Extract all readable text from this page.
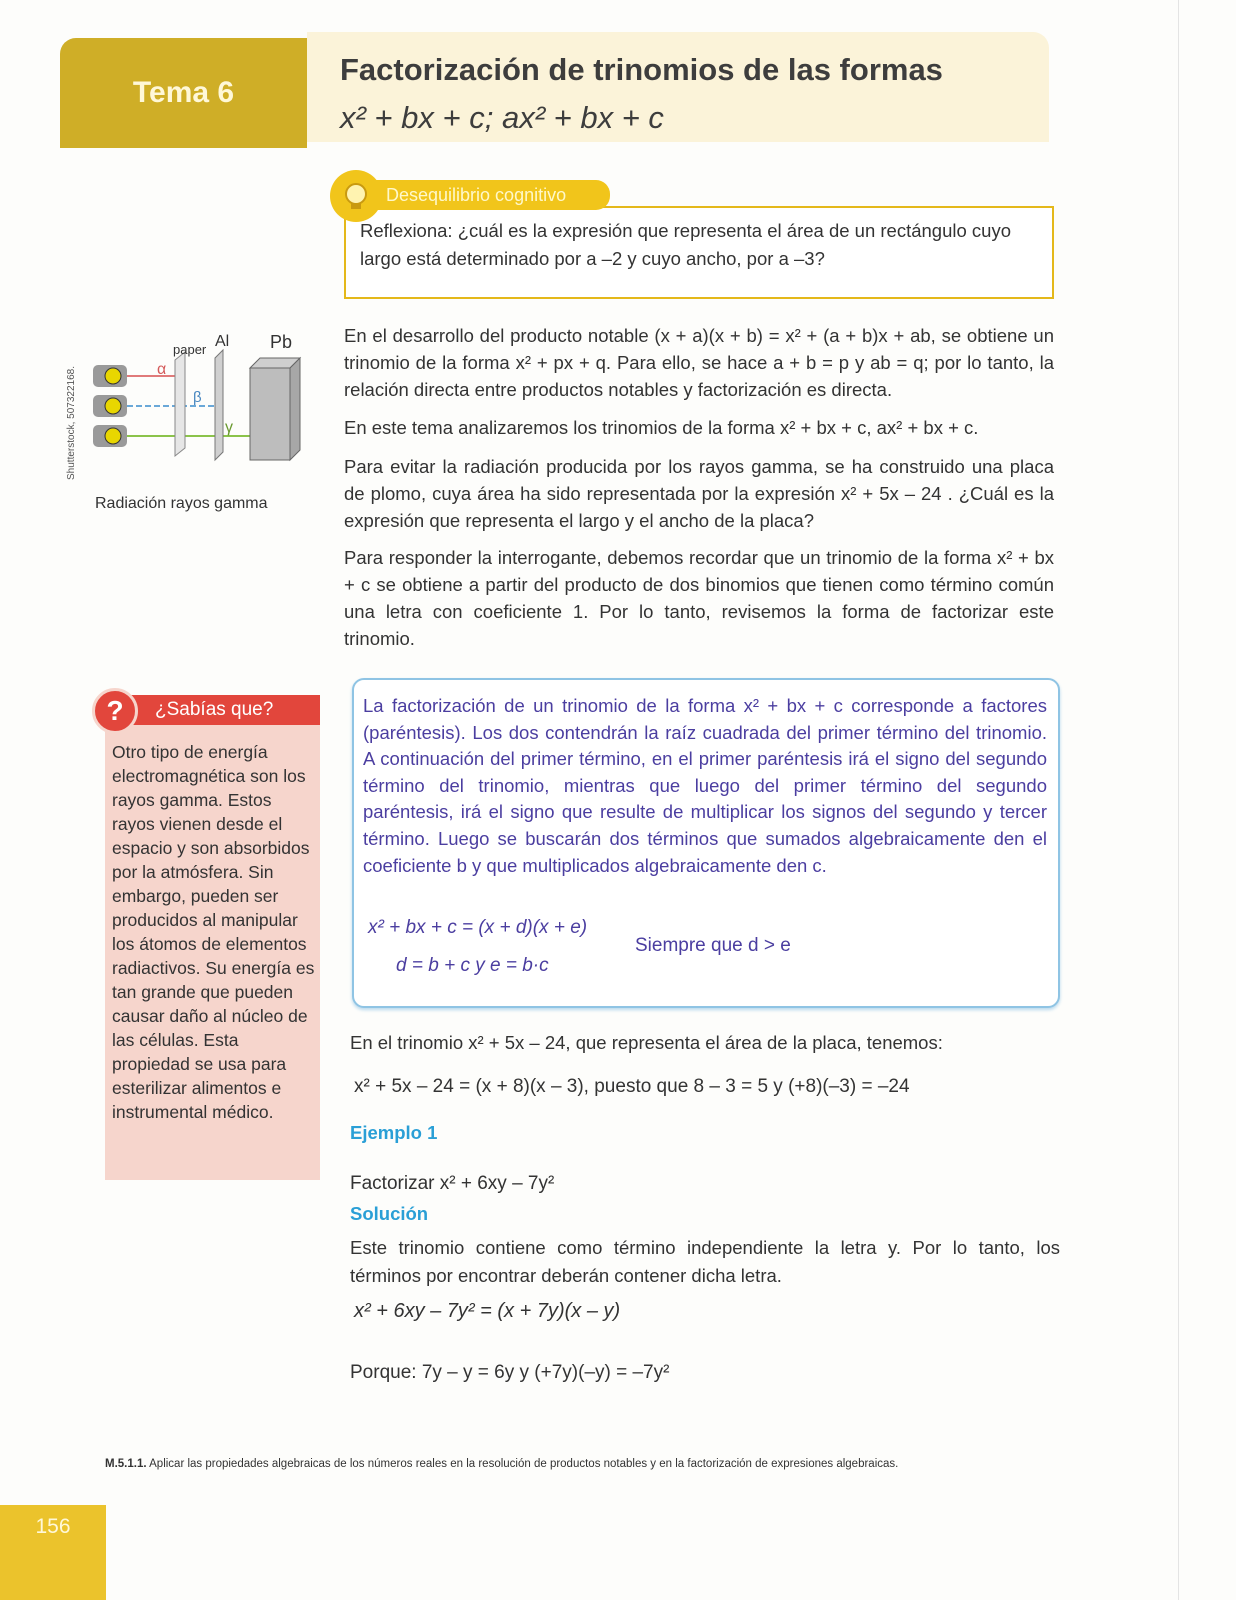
Tema 6
Factorización de trinomios de las formas
x² + bx + c; ax² + bx + c
Reflexiona: ¿cuál es la expresión que representa el área de un rectángulo cuyo largo está determinado por a –2 y cuyo ancho, por a –3?
Desequilibrio cognitivo
Shutterstock, 507322168.
paper Al Pb
α
β
γ
Radiación rayos gamma
En el desarrollo del producto notable (x + a)(x + b) = x² + (a + b)x + ab, se obtiene un trinomio de la forma x² + px + q. Para ello, se hace a + b = p y ab = q; por lo tanto, la relación directa entre productos notables y factorización es directa.
En este tema analizaremos los trinomios de la forma x² + bx + c, ax² + bx + c.
Para evitar la radiación producida por los rayos gamma, se ha construido una placa de plomo, cuya área ha sido representada por la expresión x² + 5x – 24 . ¿Cuál es la expresión que representa el largo y el ancho de la placa?
Para responder la interrogante, debemos recordar que un trinomio de la forma x² + bx + c se obtiene a partir del producto de dos binomios que tienen como término común una letra con coeficiente 1. Por lo tanto, revisemos la forma de factorizar este trinomio.
¿Sabías que?
?
Otro tipo de energía electromagnética son los rayos gamma. Estos rayos vienen desde el espacio y son absorbidos por la atmósfera. Sin embargo, pueden ser producidos al manipular los átomos de elementos radiactivos. Su energía es tan grande que pueden causar daño al núcleo de las células. Esta propiedad se usa para esterilizar alimentos e instrumental médico.
La factorización de un trinomio de la forma x² + bx + c corresponde a factores (paréntesis). Los dos contendrán la raíz cuadrada del primer término del trinomio. A continuación del primer término, en el primer paréntesis irá el signo del segundo término del trinomio, mientras que luego del primer término del segundo paréntesis, irá el signo que resulte de multiplicar los signos del segundo y tercer término. Luego se buscarán dos términos que sumados algebraicamente den el coeficiente b y que multiplicados algebraicamente den c.
x² + bx + c = (x + d)(x + e)
d = b + c y e = b·c
Siempre que d > e
En el trinomio x² + 5x – 24, que representa el área de la placa, tenemos:
x² + 5x – 24 = (x + 8)(x – 3), puesto que 8 – 3 = 5 y (+8)(–3) = –24
Ejemplo 1
Factorizar x² + 6xy – 7y²
Solución
Este trinomio contiene como término independiente la letra y. Por lo tanto, los términos por encontrar deberán contener dicha letra.
x² + 6xy – 7y² = (x + 7y)(x – y)
Porque: 7y – y = 6y y (+7y)(–y) = –7y²
M.5.1.1. Aplicar las propiedades algebraicas de los números reales en la resolución de productos notables y en la factorización de expresiones algebraicas.
156
